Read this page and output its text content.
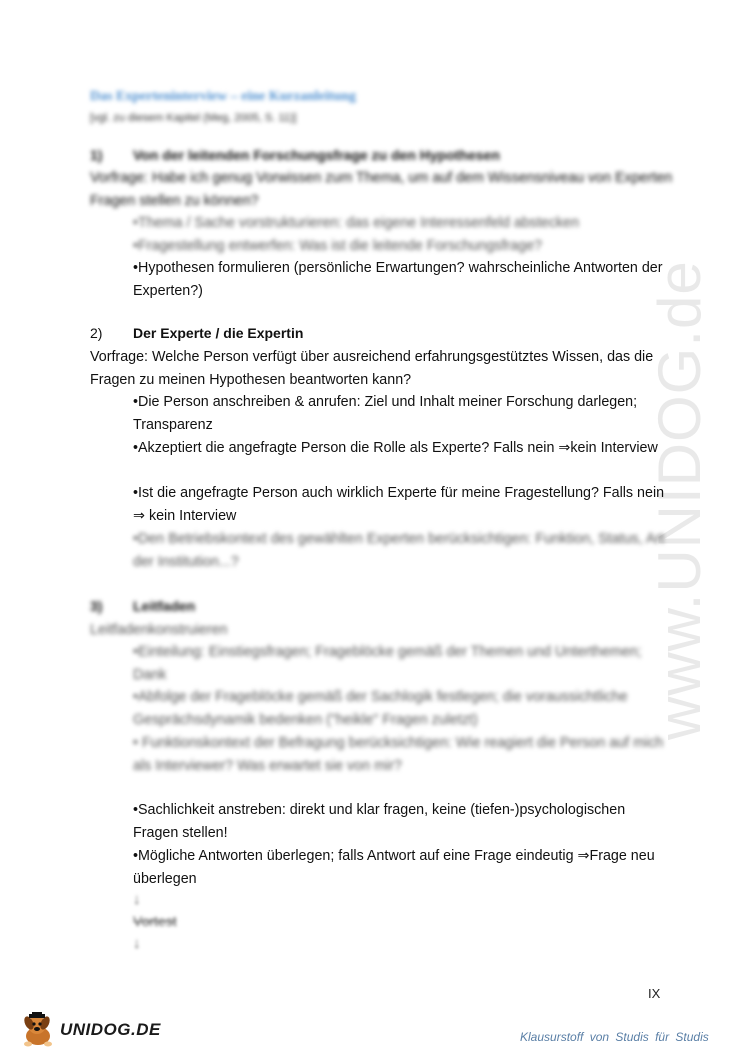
www.UNIDOG.de
Das Experteninterview – eine Kurzanleitung
[vgl. zu diesem Kapitel (Meg, 2005, S. 11)]
1) Von der leitenden Forschungsfrage zu den Hypothesen

Vorfrage: Habe ich genug Vorwissen zum Thema, um auf dem Wissensniveau von Experten Fragen stellen zu können?

•Thema / Sache vorstrukturieren: das eigene Interessenfeld abstecken

•Fragestellung entwerfen: Was ist die leitende Forschungsfrage?

•Hypothesen formulieren (persönliche Erwartungen? wahrscheinliche Antworten der Experten?)

2) Der Experte / die Expertin

Vorfrage: Welche Person verfügt über ausreichend erfahrungsgestütztes Wissen, das die Fragen zu meinen Hypothesen beantworten kann?

•Die Person anschreiben & anrufen: Ziel und Inhalt meiner Forschung darlegen; Transparenz

•Akzeptiert die angefragte Person die Rolle als Experte? Falls nein ⇒kein Interview

•Ist die angefragte Person auch wirklich Experte für meine Fragestellung? Falls nein ⇒ kein Interview

•Den Betriebskontext des gewählten Experten berücksichtigen: Funktion, Status, Art der Institution...?

3) Leitfaden

Leitfadenkonstruieren

•Einteilung: Einstiegsfragen; Frageblöcke gemäß der Themen und Unterthemen; Dank

•Abfolge der Frageblöcke gemäß der Sachlogik festlegen; die voraussichtliche Gesprächsdynamik bedenken ("heikle" Fragen zuletzt)

• Funktionskontext der Befragung berücksichtigen: Wie reagiert die Person auf mich als Interviewer? Was erwartet sie von mir?

•Sachlichkeit anstreben: direkt und klar fragen, keine (tiefen-)psychologischen Fragen stellen!

•Mögliche Antworten überlegen; falls Antwort auf eine Frage eindeutig ⇒Frage neu überlegen

↓
Vortest
↓
IX
UNIDOG.DE	Klausurstoff von Studis für Studis
